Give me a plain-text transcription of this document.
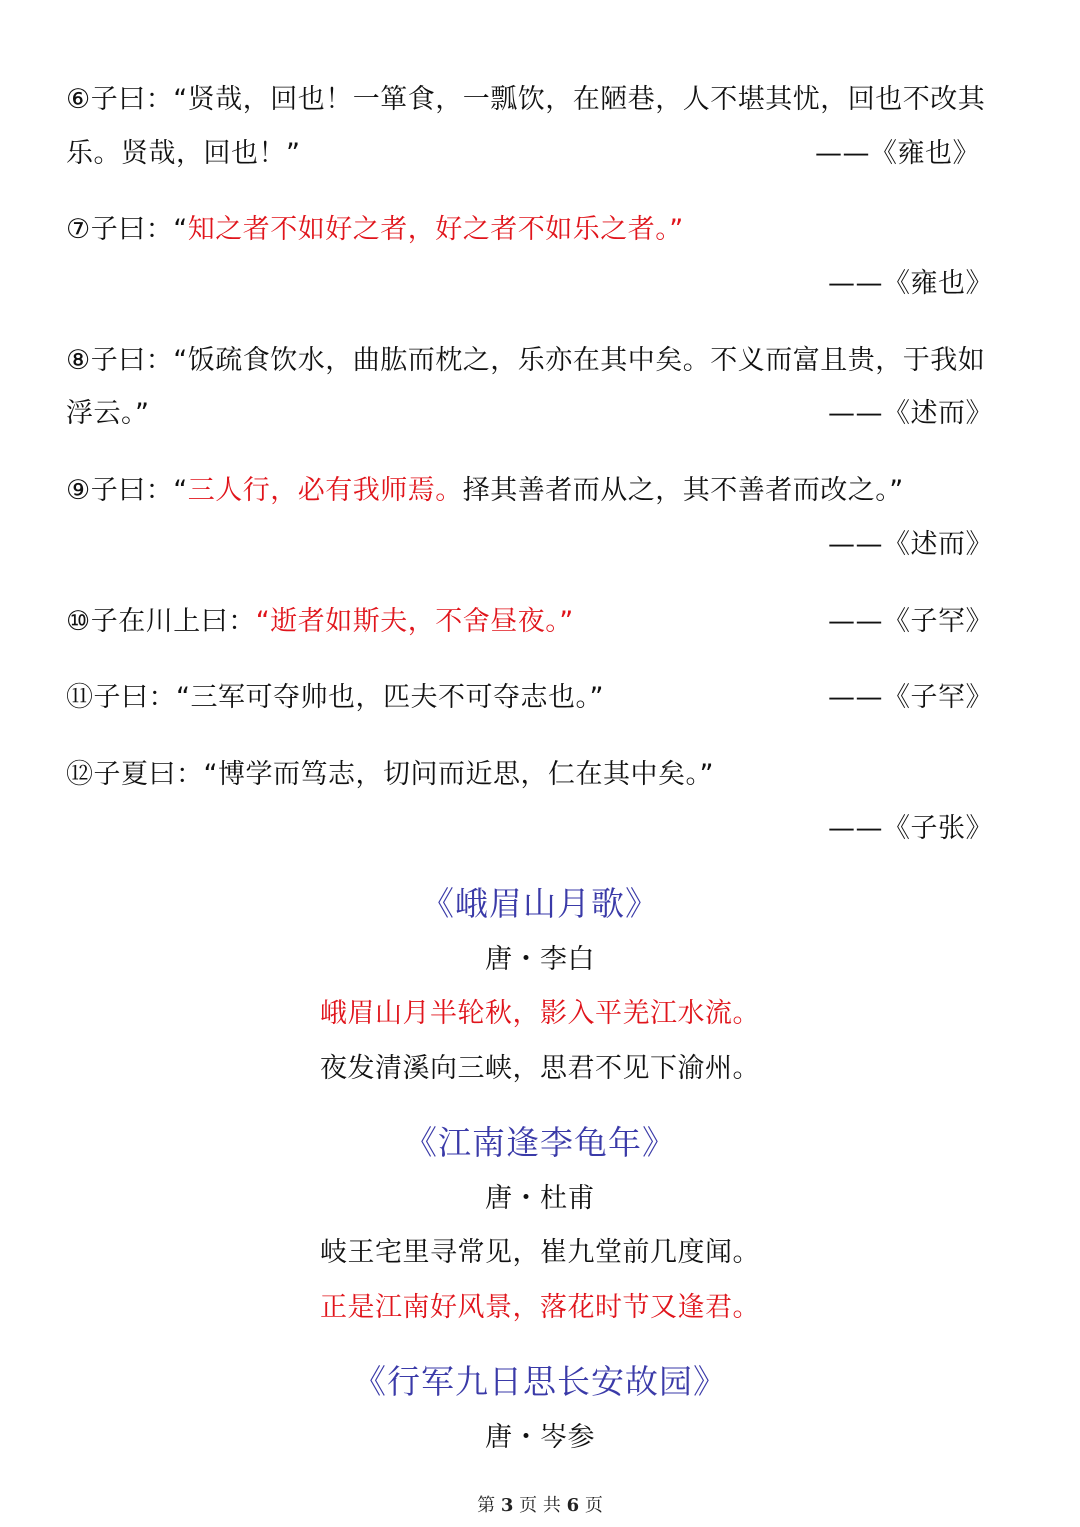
⑥子曰：“贤哉，回也！一箪食，一瓢饮，在陋巷，人不堪其忧，回也不改其
乐。贤哉，回也！”	——《雍也》
⑦子曰：“知之者不如好之者，好之者不如乐之者。”
——《雍也》
⑧子曰：“饭疏食饮水，曲肱而枕之，乐亦在其中矣。不义而富且贵，于我如
浮云。”	——《述而》
⑨子曰：“三人行，必有我师焉。择其善者而从之，其不善者而改之。”
——《述而》
⑩子在川上曰：“逝者如斯夫，不舍昼夜。”	——《子罕》
⑪子曰：“三军可夺帅也，匹夫不可夺志也。”	——《子罕》
⑫子夏曰：“博学而笃志，切问而近思，仁在其中矣。”
——《子张》
《峨眉山月歌》
唐・李白
峨眉山月半轮秋，影入平羌江水流。
夜发清溪向三峡，思君不见下渝州。
《江南逢李龟年》
唐・杜甫
岐王宅里寻常见，崔九堂前几度闻。
正是江南好风景，落花时节又逢君。
《行军九日思长安故园》
唐・岑参
第 3 页 共 6 页
